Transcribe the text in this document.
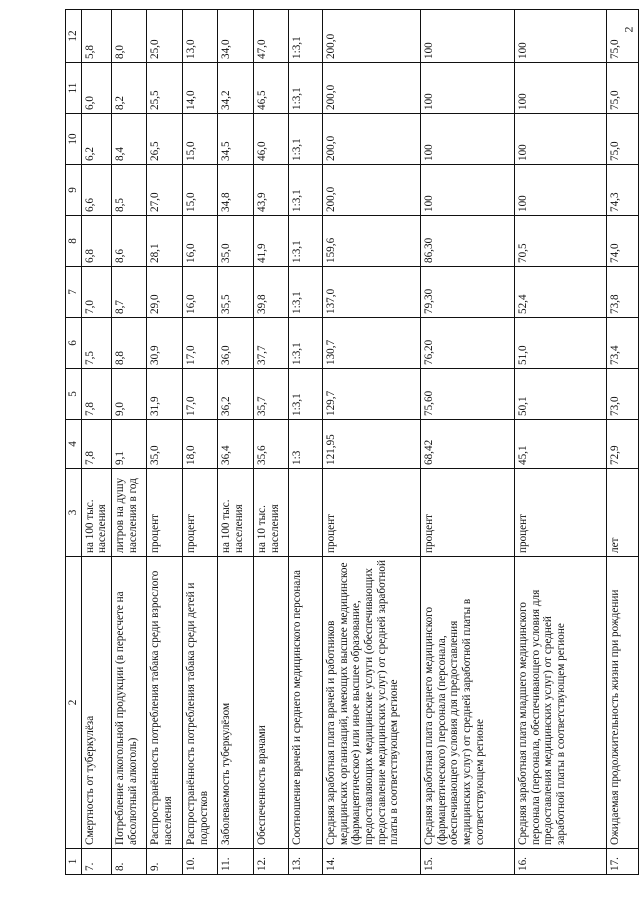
2
1	2	3	4	5	6	7	8	9	10	11	12
7.	Смертность от туберкулёза	на 100 тыс. населения	7,8	7,8	7,5	7,0	6,8	6,6	6,2	6,0	5,8
8.	Потребление алкогольной продукции (в пересчете на абсолютный алкоголь)	литров на душу населения в год	9,1	9,0	8,8	8,7	8,6	8,5	8,4	8,2	8,0
9.	Распространённость потребления табака среди взрослого населения	процент	35,0	31,9	30,9	29,0	28,1	27,0	26,5	25,5	25,0
10.	Распространённость потребления табака среди детей и подростков	процент	18,0	17,0	17,0	16,0	16,0	15,0	15,0	14,0	13,0
11.	Заболеваемость туберкулёзом	на 100 тыс. населения	36,4	36,2	36,0	35,5	35,0	34,8	34,5	34,2	34,0
12.	Обеспеченность врачами	на 10 тыс. населения	35,6	35,7	37,7	39,8	41,9	43,9	46,0	46,5	47,0
13.	Соотношение врачей и среднего медицинского персонала		1:3	1:3,1	1:3,1	1:3,1	1:3,1	1:3,1	1:3,1	1:3,1	1:3,1
14.	Средняя заработная плата врачей и работников медицинских организаций, имеющих высшее медицинское (фармацевтическое) или иное высшее образование, предоставляющих медицинские услуги (обеспечивающих предоставление медицинских услуг) от средней заработной платы в соответствующем регионе	процент	121,95	129,7	130,7	137,0	159,6	200,0	200,0	200,0	200,0
15.	Средняя заработная плата среднего медицинского (фармацевтического) персонала (персонала, обеспечивающего условия для предоставления медицинских услуг) от средней заработной платы в соответствующем регионе	процент	68,42	75,60	76,20	79,30	86,30	100	100	100	100
16.	Средняя заработная плата младшего медицинского персонала (персонала, обеспечивающего условия для предоставления медицинских услуг) от средней заработной платы в соответствующем регионе	процент	45,1	50,1	51,0	52,4	70,5	100	100	100	100
17.	Ожидаемая продолжительность жизни при рождении	лет	72,9	73,0	73,4	73,8	74,0	74,3	75,0	75,0	75,0
